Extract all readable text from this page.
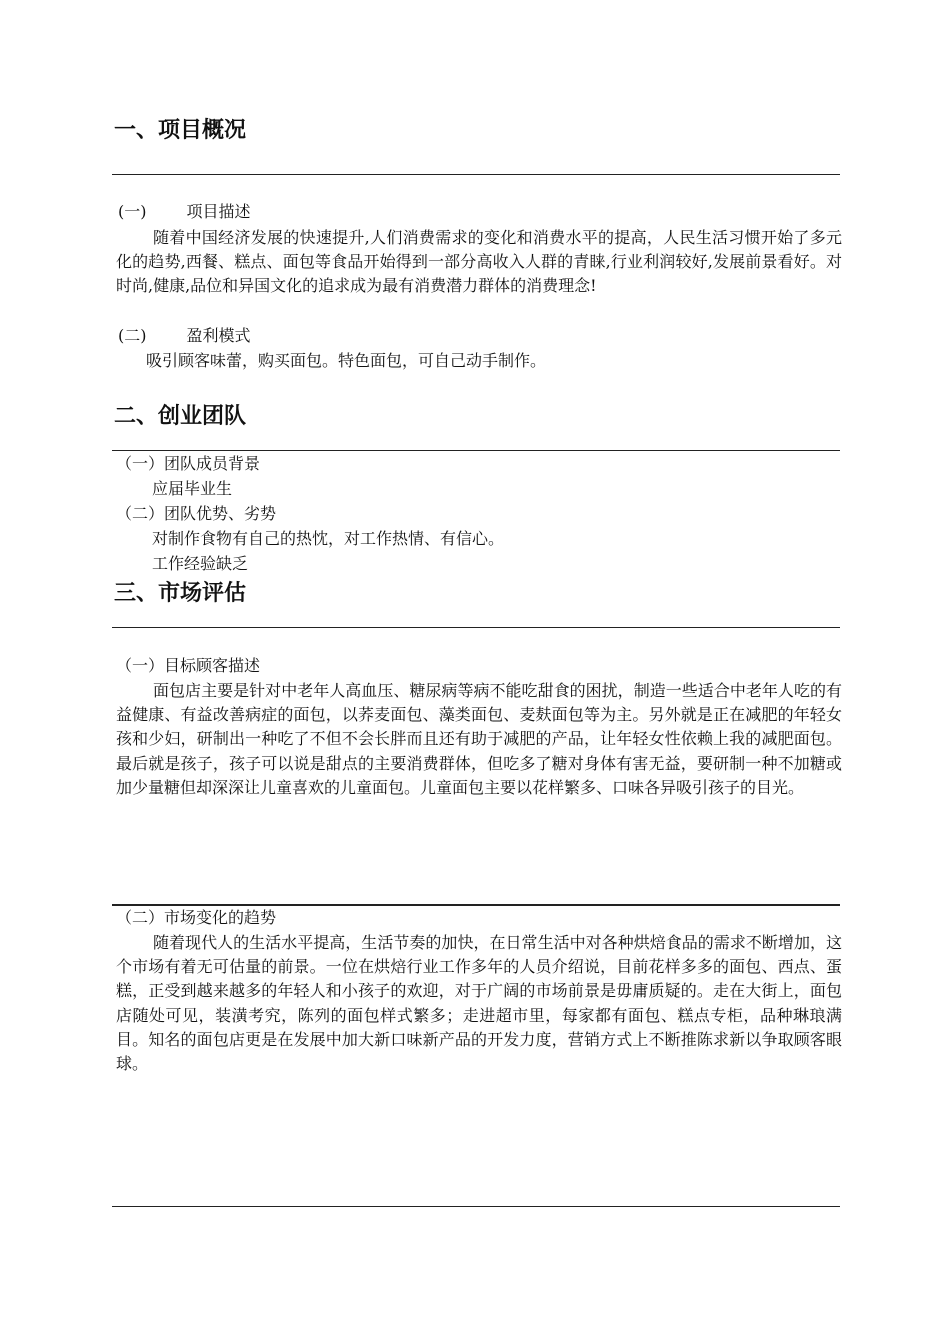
一、项目概况
(一)	项目描述

随着中国经济发展的快速提升,人们消费需求的变化和消费水平的提高，人民生活习惯开始了多元化的趋势,西餐、糕点、面包等食品开始得到一部分高收入人群的青睐,行业利润较好,发展前景看好。对时尚,健康,品位和异国文化的追求成为最有消费潜力群体的消费理念!

(二)	盈利模式
吸引顾客味蕾，购买面包。特色面包，可自己动手制作。
二、创业团队
（一）团队成员背景
应届毕业生
（二）团队优势、劣势
对制作食物有自己的热忱，对工作热情、有信心。
工作经验缺乏
三、市场评估
（一）目标顾客描述

面包店主要是针对中老年人高血压、糖尿病等病不能吃甜食的困扰，制造一些适合中老年人吃的有益健康、有益改善病症的面包，以荞麦面包、藻类面包、麦麸面包等为主。另外就是正在减肥的年轻女孩和少妇，研制出一种吃了不但不会长胖而且还有助于减肥的产品，让年轻女性依赖上我的减肥面包。最后就是孩子，孩子可以说是甜点的主要消费群体，但吃多了糖对身体有害无益，要研制一种不加糖或加少量糖但却深深让儿童喜欢的儿童面包。儿童面包主要以花样繁多、口味各异吸引孩子的目光。

（二）市场变化的趋势

随着现代人的生活水平提高，生活节奏的加快，在日常生活中对各种烘焙食品的需求不断增加，这个市场有着无可估量的前景。一位在烘焙行业工作多年的人员介绍说，目前花样多多的面包、西点、蛋糕，正受到越来越多的年轻人和小孩子的欢迎，对于广阔的市场前景是毋庸质疑的。走在大街上，面包店随处可见，装潢考究，陈列的面包样式繁多；走进超市里，每家都有面包、糕点专柜，品种琳琅满目。知名的面包店更是在发展中加大新口味新产品的开发力度，营销方式上不断推陈求新以争取顾客眼球。
